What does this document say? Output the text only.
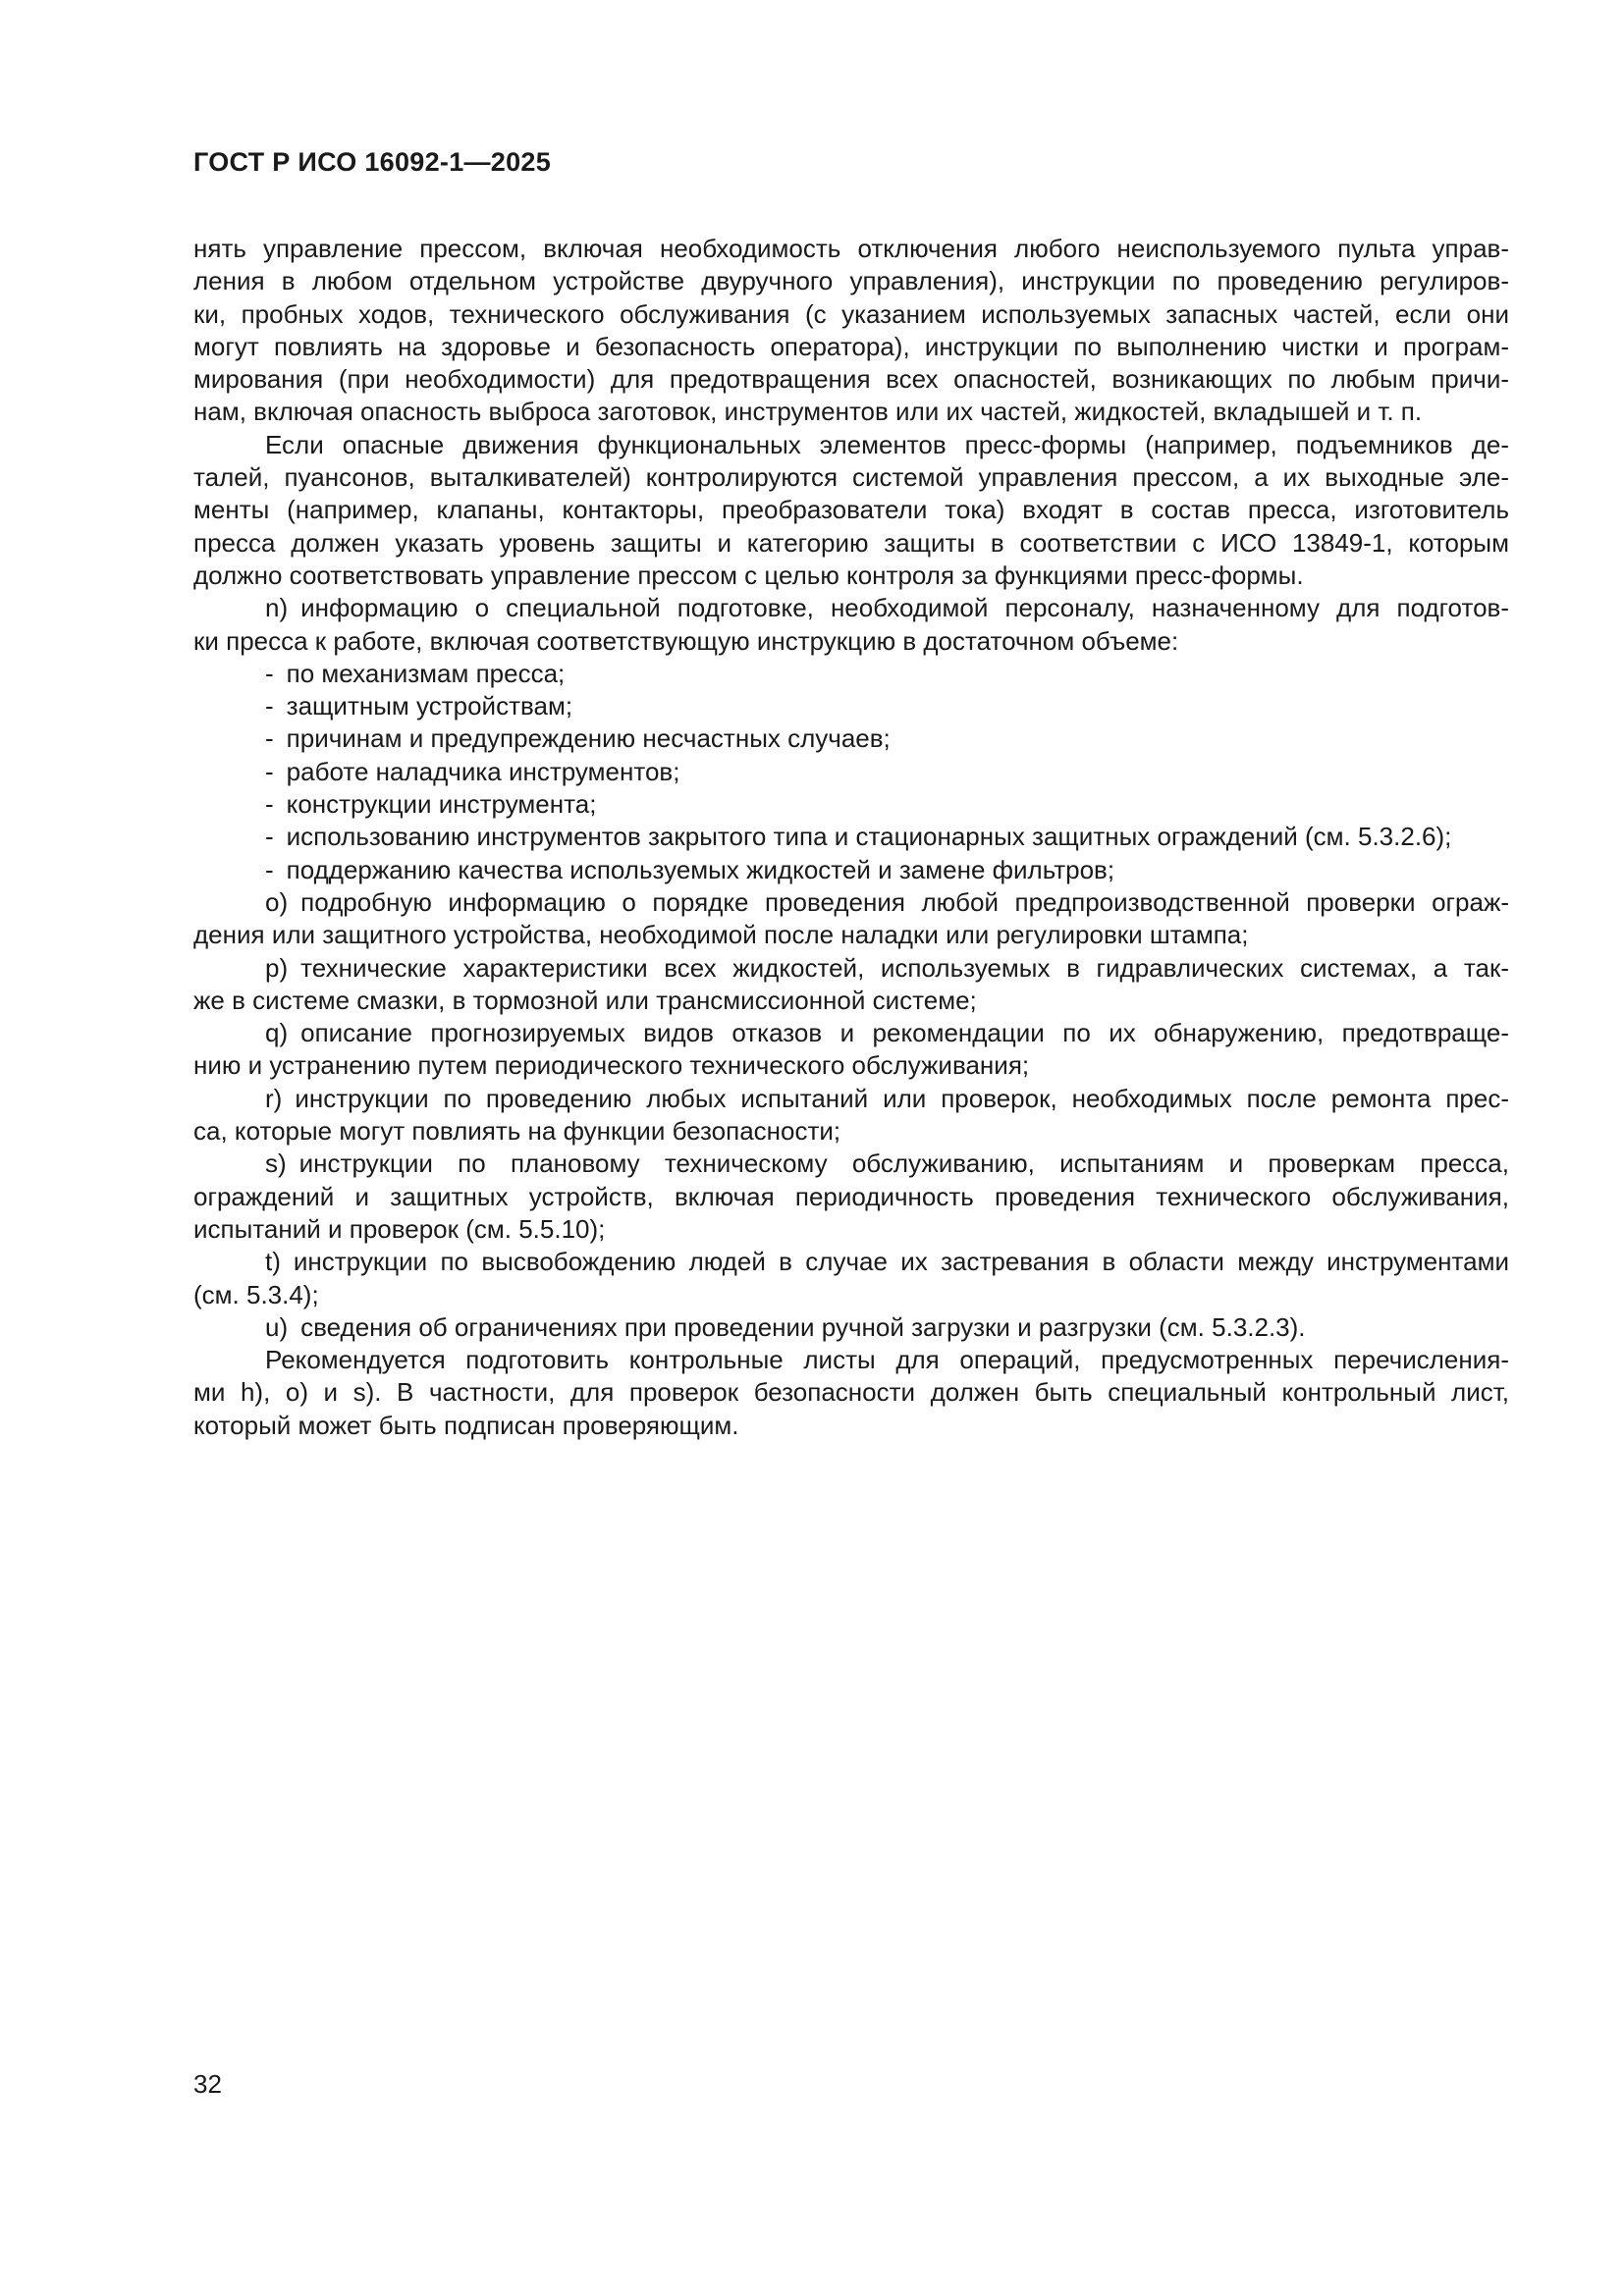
ГОСТ Р ИСО 16092-1—2025
нять управление прессом, включая необходимость отключения любого неиспользуемого пульта управ-
ления в любом отдельном устройстве двуручного управления), инструкции по проведению регулиров-
ки, пробных ходов, технического обслуживания (с указанием используемых запасных частей, если они
могут повлиять на здоровье и безопасность оператора), инструкции по выполнению чистки и програм-
мирования (при необходимости) для предотвращения всех опасностей, возникающих по любым причи-
нам, включая опасность выброса заготовок, инструментов или их частей, жидкостей, вкладышей и т. п.
Если опасные движения функциональных элементов пресс-формы (например, подъемников де-
талей, пуансонов, выталкивателей) контролируются системой управления прессом, а их выходные эле-
менты (например, клапаны, контакторы, преобразователи тока) входят в состав пресса, изготовитель
пресса должен указать уровень защиты и категорию защиты в соответствии с ИСО 13849-1, которым
должно соответствовать управление прессом с целью контроля за функциями пресс-формы.
n) информацию о специальной подготовке, необходимой персоналу, назначенному для подготов-
ки пресса к работе, включая соответствующую инструкцию в достаточном объеме:
- по механизмам пресса;
- защитным устройствам;
- причинам и предупреждению несчастных случаев;
- работе наладчика инструментов;
- конструкции инструмента;
- использованию инструментов закрытого типа и стационарных защитных ограждений (см. 5.3.2.6);
- поддержанию качества используемых жидкостей и замене фильтров;
o) подробную информацию о порядке проведения любой предпроизводственной проверки ограж-
дения или защитного устройства, необходимой после наладки или регулировки штампа;
p) технические характеристики всех жидкостей, используемых в гидравлических системах, а так-
же в системе смазки, в тормозной или трансмиссионной системе;
q) описание прогнозируемых видов отказов и рекомендации по их обнаружению, предотвраще-
нию и устранению путем периодического технического обслуживания;
r) инструкции по проведению любых испытаний или проверок, необходимых после ремонта прес-
са, которые могут повлиять на функции безопасности;
s) инструкции по плановому техническому обслуживанию, испытаниям и проверкам пресса,
ограждений и защитных устройств, включая периодичность проведения технического обслуживания,
испытаний и проверок (см. 5.5.10);
t) инструкции по высвобождению людей в случае их застревания в области между инструментами
(см. 5.3.4);
u) сведения об ограничениях при проведении ручной загрузки и разгрузки (см. 5.3.2.3).
Рекомендуется подготовить контрольные листы для операций, предусмотренных перечисления-
ми h), o) и s). В частности, для проверок безопасности должен быть специальный контрольный лист,
который может быть подписан проверяющим.
32
